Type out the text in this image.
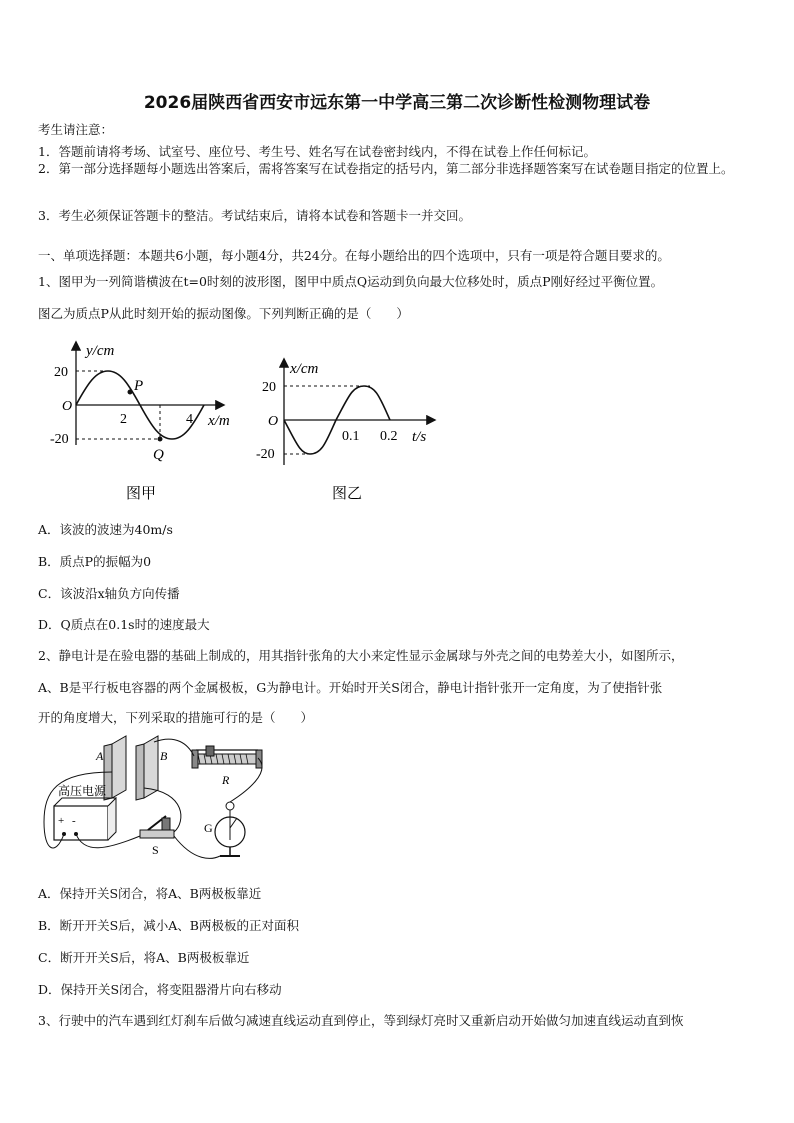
2026届陕西省西安市远东第一中学高三第二次诊断性检测物理试卷
考生请注意：
1．答题前请将考场、试室号、座位号、考生号、姓名写在试卷密封线内，不得在试卷上作任何标记。
2．第一部分选择题每小题选出答案后，需将答案写在试卷指定的括号内，第二部分非选择题答案写在试卷题目指定的位置上。
3．考生必须保证答题卡的整洁。考试结束后，请将本试卷和答题卡一并交回。
一、单项选择题：本题共6小题，每小题4分，共24分。在每小题给出的四个选项中，只有一项是符合题目要求的。
1、图甲为一列简谐横波在t=0时刻的波形图，图甲中质点Q运动到负向最大位移处时，质点P刚好经过平衡位置。
图乙为质点P从此时刻开始的振动图像。下列判断正确的是（　　）
y/cm
x/m
O
20
-20
2	4
P
Q
图甲
x/cm
t/s
O
20
-20
0.1 0.2
图乙
A．该波的波速为40m/s
B．质点P的振幅为0
C．该波沿x轴负方向传播
D．Q质点在0.1s时的速度最大
2、静电计是在验电器的基础上制成的，用其指针张角的大小来定性显示金属球与外壳之间的电势差大小，如图所示，
A、B是平行板电容器的两个金属极板，G为静电计。开始时开关S闭合，静电计指针张开一定角度，为了使指针张
开的角度增大，下列采取的措施可行的是（　　）
A	B
R
G
高压电源
+ -
S
A．保持开关S闭合，将A、B两极板靠近
B．断开开关S后，减小A、B两极板的正对面积
C．断开开关S后，将A、B两极板靠近
D．保持开关S闭合，将变阻器滑片向右移动
3、行驶中的汽车遇到红灯刹车后做匀减速直线运动直到停止，等到绿灯亮时又重新启动开始做匀加速直线运动直到恢
